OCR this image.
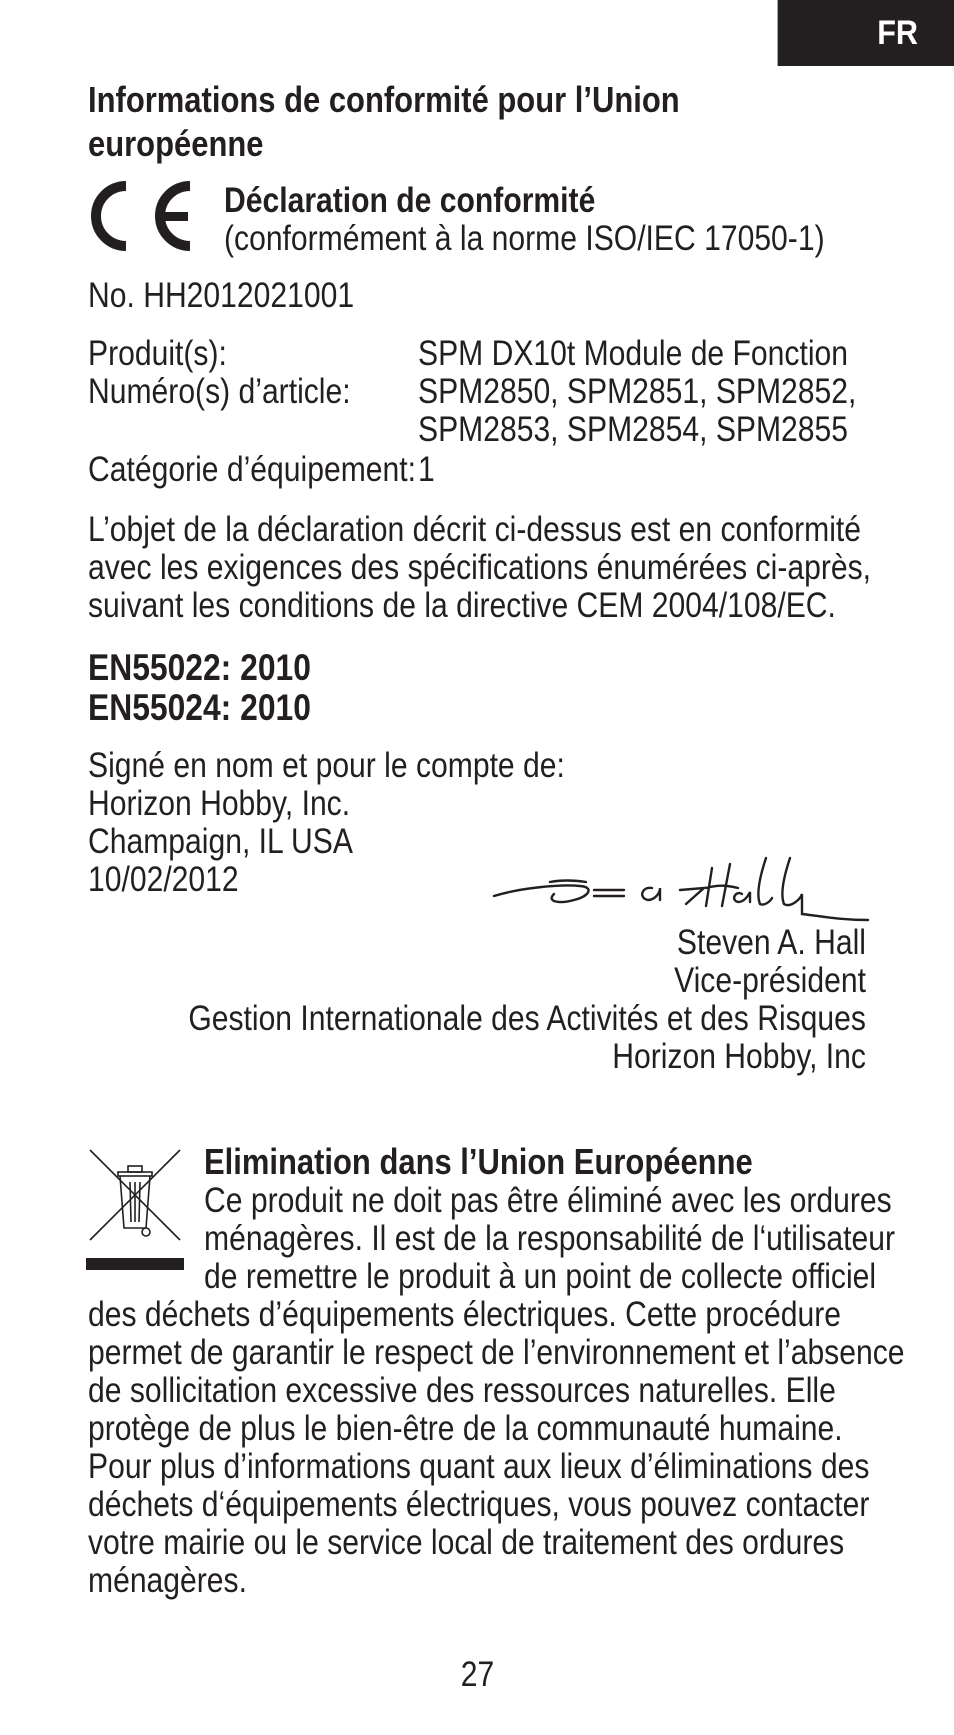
FR
Informations de conformité pour l’Union
européenne
Déclaration de conformité
(conformément à la norme ISO/IEC 17050-1)
No. HH2012021001
Produit(s):	SPM DX10t Module de Fonction
Numéro(s) d’article: SPM2850, SPM2851, SPM2852,
SPM2853, SPM2854, SPM2855
Catégorie d’équipement: 1
L’objet de la déclaration décrit ci-dessus est en conformité
avec les exigences des spécifications énumérées ci-après,
suivant les conditions de la directive CEM 2004/108/EC.
EN55022: 2010
EN55024: 2010
Signé en nom et pour le compte de:
Horizon Hobby, Inc.
Champaign, IL USA
10/02/2012
Steven A. Hall
Vice-président
Gestion Internationale des Activités et des Risques
Horizon Hobby, Inc
Elimination dans l’Union Européenne
Ce produit ne doit pas être éliminé avec les ordures
ménagères. Il est de la responsabilité de l‘utilisateur
de remettre le produit à un point de collecte officiel
des déchets d’équipements électriques. Cette procédure
permet de garantir le respect de l’environnement et l’absence
de sollicitation excessive des ressources naturelles. Elle
protège de plus le bien-être de la communauté humaine.
Pour plus d’informations quant aux lieux d’éliminations des
déchets d‘équipements électriques, vous pouvez contacter
votre mairie ou le service local de traitement des ordures
ménagères.
27
